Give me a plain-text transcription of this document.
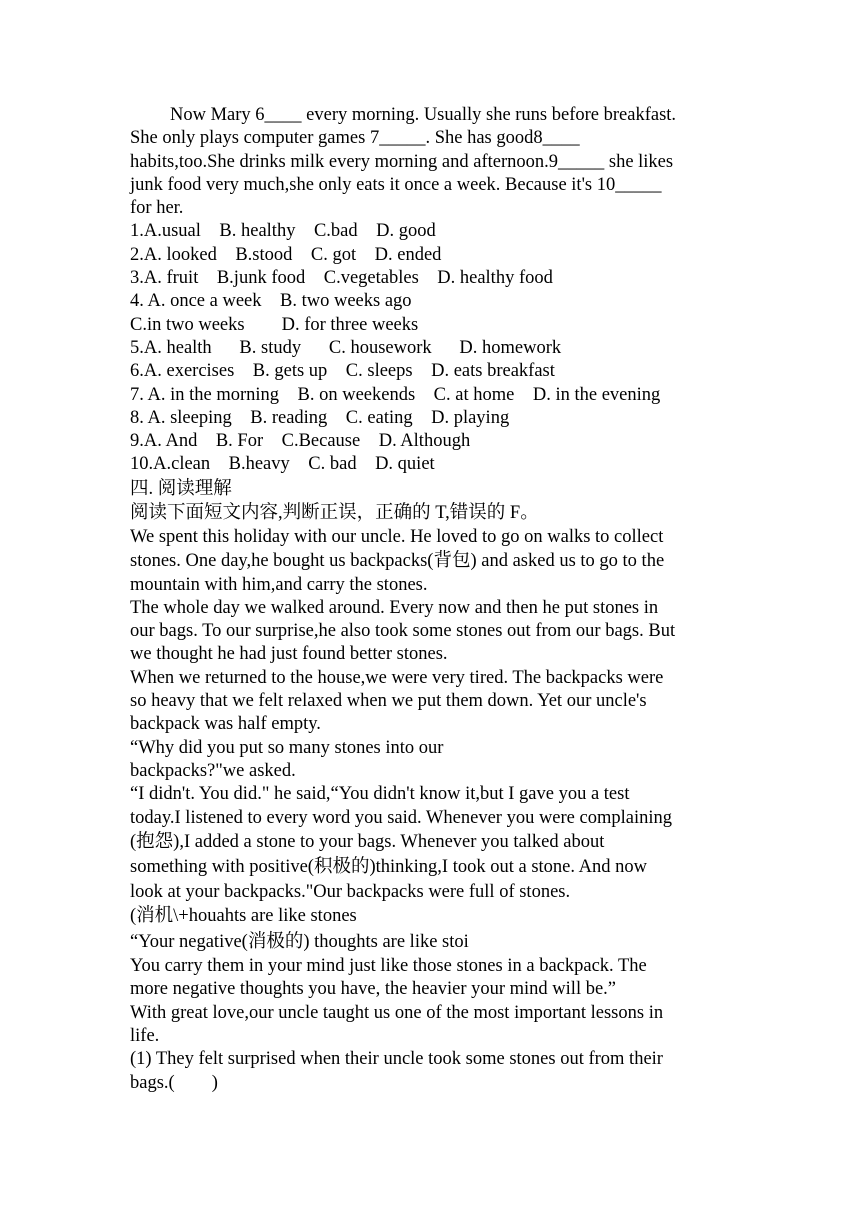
Now Mary 6____ every morning. Usually she runs before breakfast.
She only plays computer games 7_____. She has good8____
habits,too.She drinks milk every morning and afternoon.9_____ she likes
junk food very much,she only eats it once a week. Because it's 10_____
for her.
1.A.usual    B. healthy    C.bad    D. good
2.A. looked    B.stood    C. got    D. ended
3.A. fruit    B.junk food    C.vegetables    D. healthy food
4. A. once a week    B. two weeks ago
C.in two weeks        D. for three weeks
5.A. health      B. study      C. housework      D. homework
6.A. exercises    B. gets up    C. sleeps    D. eats breakfast
7. A. in the morning    B. on weekends    C. at home    D. in the evening
8. A. sleeping    B. reading    C. eating    D. playing
9.A. And    B. For    C.Because    D. Although
10.A.clean    B.heavy    C. bad    D. quiet
四. 阅读理解
阅读下面短文内容,判断正误，正确的 T,错误的 F。
We spent this holiday with our uncle. He loved to go on walks to collect
stones. One day,he bought us backpacks(背包) and asked us to go to the
mountain with him,and carry the stones.
The whole day we walked around. Every now and then he put stones in
our bags. To our surprise,he also took some stones out from our bags. But
we thought he had just found better stones.
When we returned to the house,we were very tired. The backpacks were
so heavy that we felt relaxed when we put them down. Yet our uncle's
backpack was half empty.
“Why did you put so many stones into our
backpacks?"we asked.
“I didn't. You did." he said,“You didn't know it,but I gave you a test
today.I listened to every word you said. Whenever you were complaining
(抱怨),I added a stone to your bags. Whenever you talked about
something with positive(积极的)thinking,I took out a stone. And now
look at your backpacks."Our backpacks were full of stones.
(消机\+houahts are like stones
“Your negative(消极的) thoughts are like stoi
You carry them in your mind just like those stones in a backpack. The
more negative thoughts you have, the heavier your mind will be.”
With great love,our uncle taught us one of the most important lessons in
life.
(1) They felt surprised when their uncle took some stones out from their
bags.(        )
